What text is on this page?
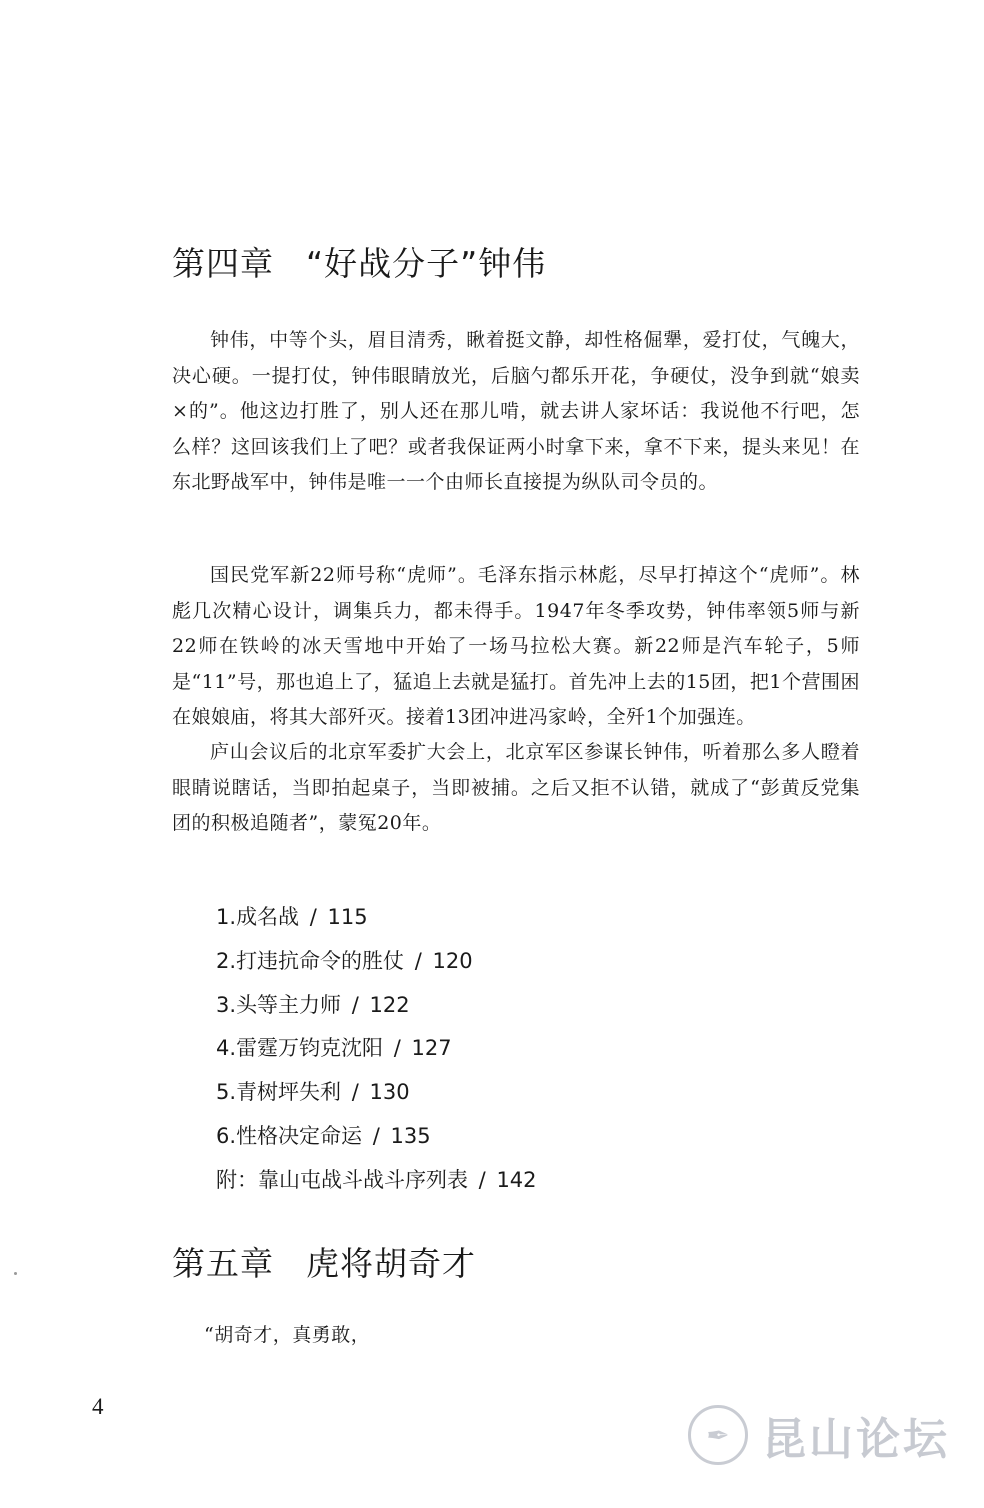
第四章 “好战分子”钟伟

钟伟，中等个头，眉目清秀，瞅着挺文静，却性格倔犟，爱打仗，气魄大，决心硬。一提打仗，钟伟眼睛放光，后脑勺都乐开花，争硬仗，没争到就“娘卖×的”。他这边打胜了，别人还在那儿啃，就去讲人家坏话：我说他不行吧，怎么样？这回该我们上了吧？或者我保证两小时拿下来，拿不下来，提头来见！在东北野战军中，钟伟是唯一一个由师长直接提为纵队司令员的。

国民党军新22师号称“虎师”。毛泽东指示林彪，尽早打掉这个“虎师”。林彪几次精心设计，调集兵力，都未得手。1947年冬季攻势，钟伟率领5师与新22师在铁岭的冰天雪地中开始了一场马拉松大赛。新22师是汽车轮子，5师是“11”号，那也追上了，猛追上去就是猛打。首先冲上去的15团，把1个营围困在娘娘庙，将其大部歼灭。接着13团冲进冯家岭，全歼1个加强连。

庐山会议后的北京军委扩大会上，北京军区参谋长钟伟，听着那么多人瞪着眼睛说瞎话，当即拍起桌子，当即被捕。之后又拒不认错，就成了“彭黄反党集团的积极追随者”，蒙冤20年。

1.成名战 / 115
2.打违抗命令的胜仗 / 120
3.头等主力师 / 122
4.雷霆万钧克沈阳 / 127
5.青树坪失利 / 130
6.性格决定命运 / 135
附：靠山屯战斗战斗序列表 / 142
第五章 虎将胡奇才

“胡奇才，真勇敢，

4
✒ 昆山论坛
